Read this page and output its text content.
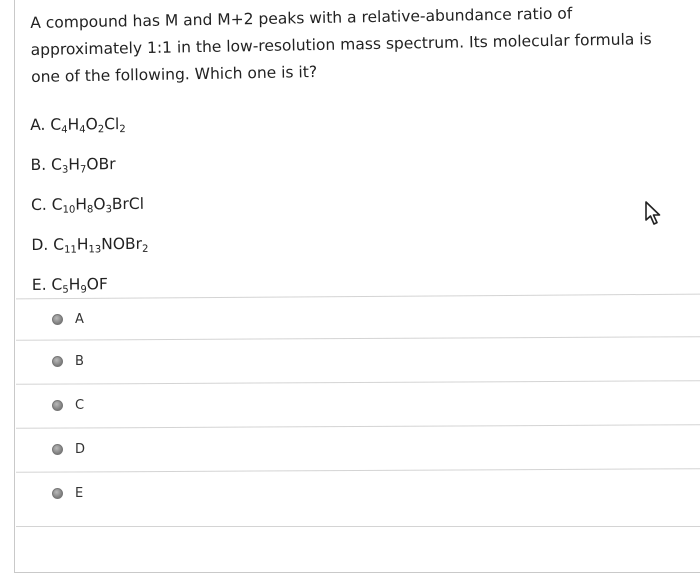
A compound has M and M+2 peaks with a relative-abundance ratio of

approximately 1:1 in the low-resolution mass spectrum. Its molecular formula is

one of the following. Which one is it?

A. $C_4H_4O_2Cl_2$
B. $C_3H_7OBr$
C. $C_{10}H_8O_3BrCl$
D. $C_{11}H_{13}NOBr_2$
E. $C_5H_9OF$
A
B
C
D
E
